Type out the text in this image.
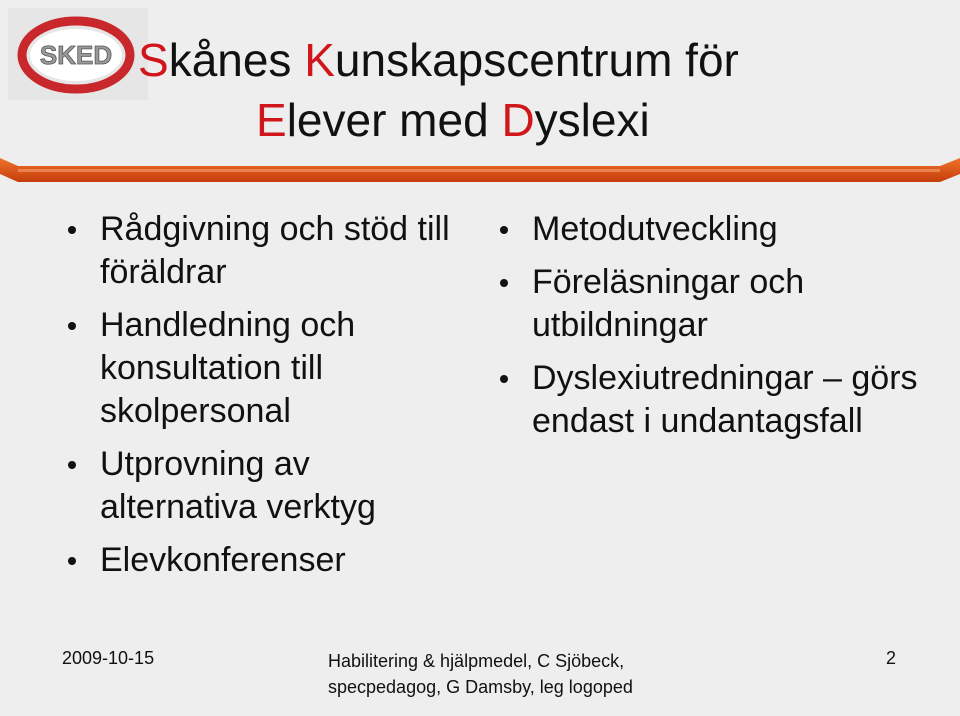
SKED Skånes Kunskapscentrum för
Elever med Dyslexi
Rådgivning och stöd till föräldrar
Handledning och konsultation till skolpersonal
Utprovning av alternativa verktyg
Elevkonferenser
Metodutveckling
Föreläsningar och utbildningar
Dyslexiutredningar – görs endast i undantagsfall
2009-10-15	Habilitering & hjälpmedel, C Sjöbeck,
specpedagog, G Damsby, leg logoped
2
